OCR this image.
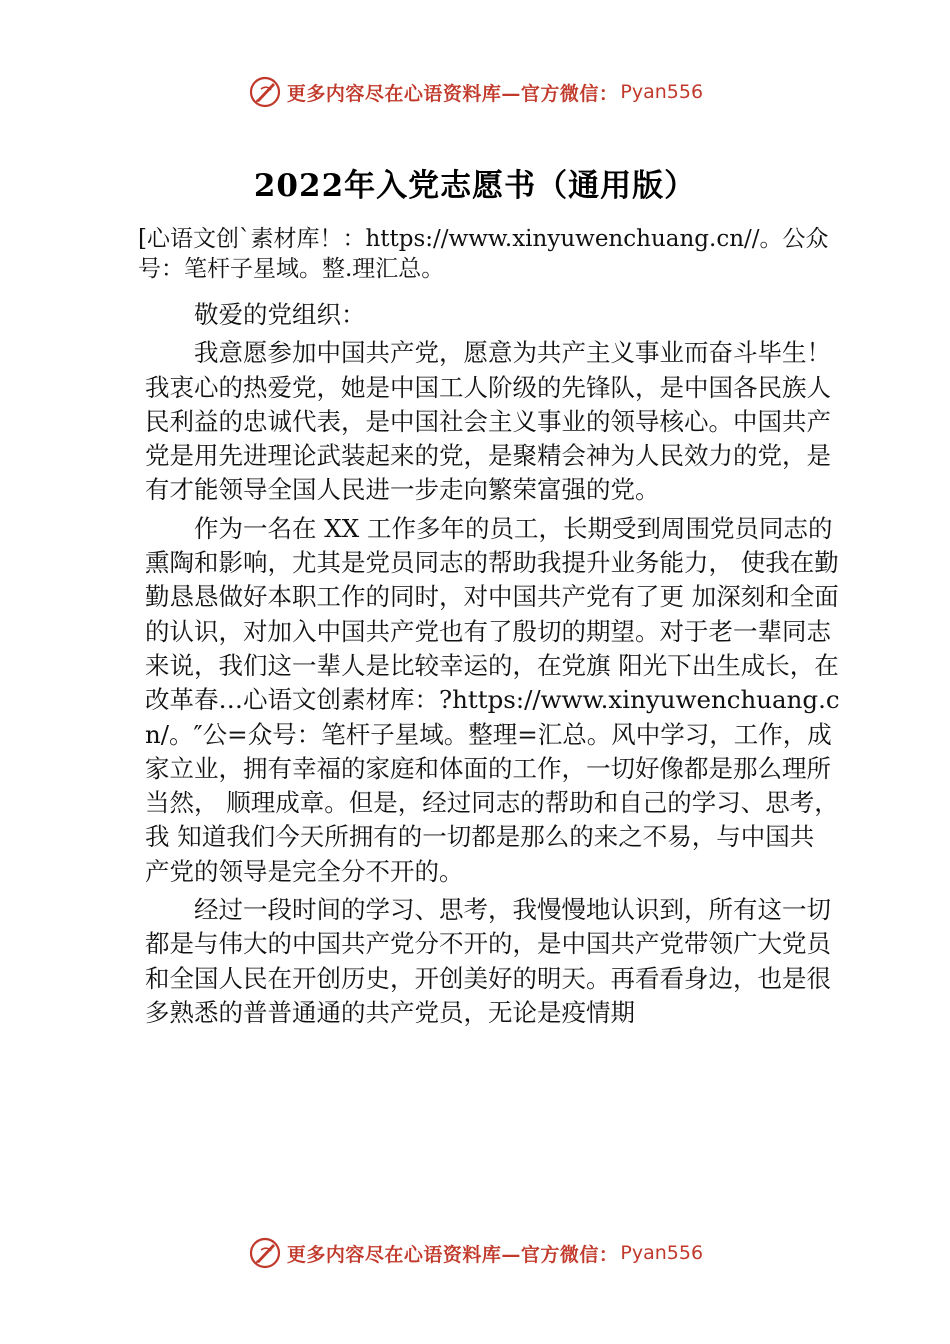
更多内容尽在心语资料库—官方微信： Pyan556
2022年入党志愿书（通用版）
[心语文创`素材库！：https://www.xinyuwenchuang.cn//。公众号：笔杆子星域。整.理汇总。

敬爱的党组织：

我意愿参加中国共产党，愿意为共产主义事业而奋斗毕生！我衷心的热爱党，她是中国工人阶级的先锋队，是中国各民族人民利益的忠诚代表，是中国社会主义事业的领导核心。中国共产党是用先进理论武装起来的党，是聚精会神为人民效力的党，是有才能领导全国人民进一步走向繁荣富强的党。

作为一名在 XX 工作多年的员工，长期受到周围党员同志的熏陶和影响，尤其是党员同志的帮助我提升业务能力， 使我在勤勤恳恳做好本职工作的同时，对中国共产党有了更 加深刻和全面的认识，对加入中国共产党也有了殷切的期望。对于老一辈同志来说，我们这一辈人是比较幸运的，在党旗 阳光下出生成长，在改革春…心语文创素材库：?https://www.xinyuwenchuang.cn/。″公=众号：笔杆子星域。整理=汇总。风中学习，工作，成家立业，拥有幸福的家庭和体面的工作，一切好像都是那么理所当然， 顺理成章。但是，经过同志的帮助和自己的学习、思考，我 知道我们今天所拥有的一切都是那么的来之不易，与中国共 产党的领导是完全分不开的。

经过一段时间的学习、思考，我慢慢地认识到，所有这一切都是与伟大的中国共产党分不开的，是中国共产党带领广大党员和全国人民在开创历史，开创美好的明天。再看看身边，也是很多熟悉的普普通通的共产党员，无论是疫情期

更多内容尽在心语资料库—官方微信： Pyan556
